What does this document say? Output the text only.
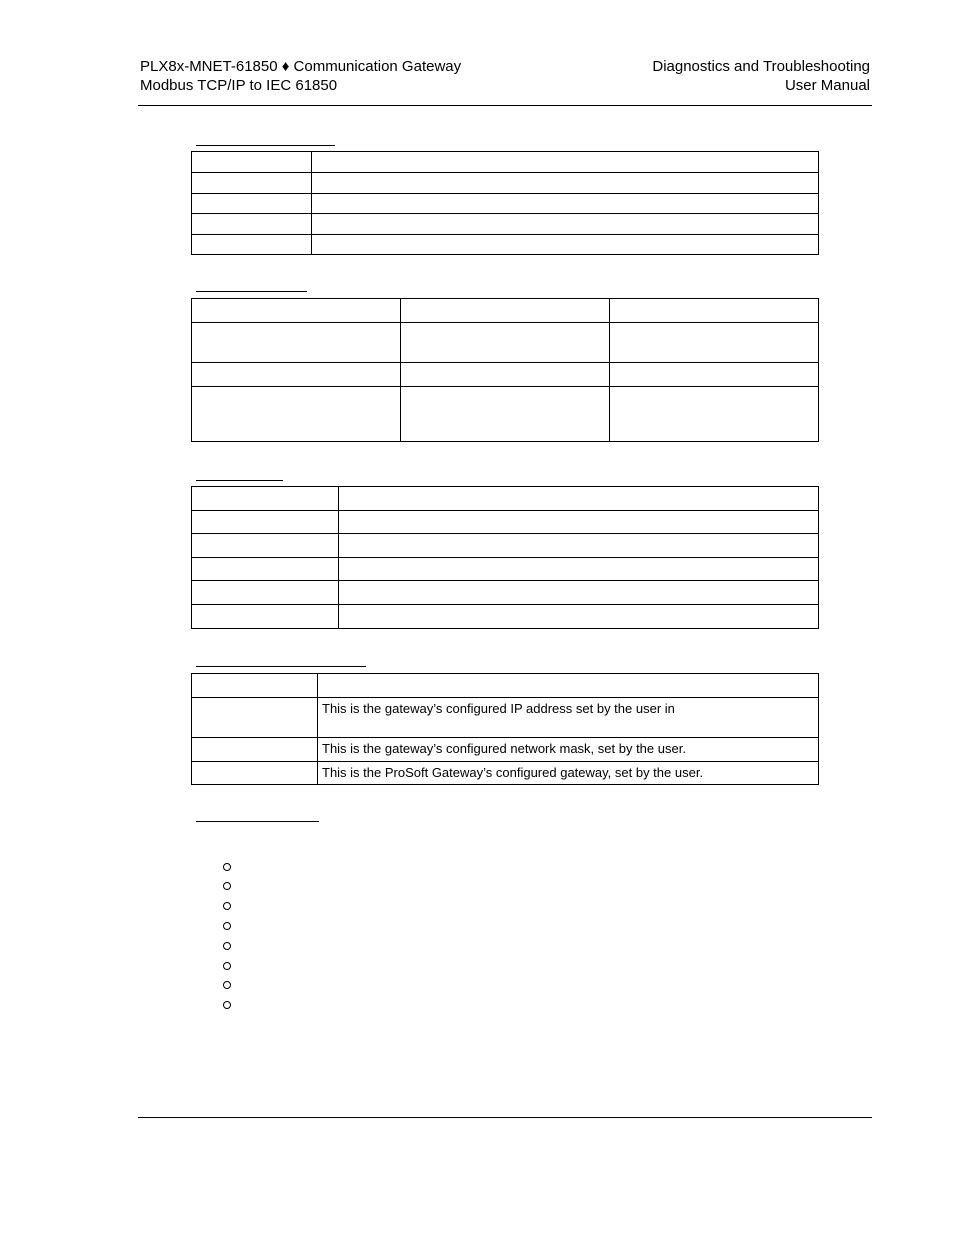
PLX8x-MNET-61850 ♦ Communication Gateway
Modbus TCP/IP to IEC 61850
Diagnostics and Troubleshooting
User Manual

	This is the gateway’s configured IP address set by the user in

	This is the gateway’s configured network mask, set by the user.

	This is the ProSoft Gateway’s configured gateway, set by the user.
